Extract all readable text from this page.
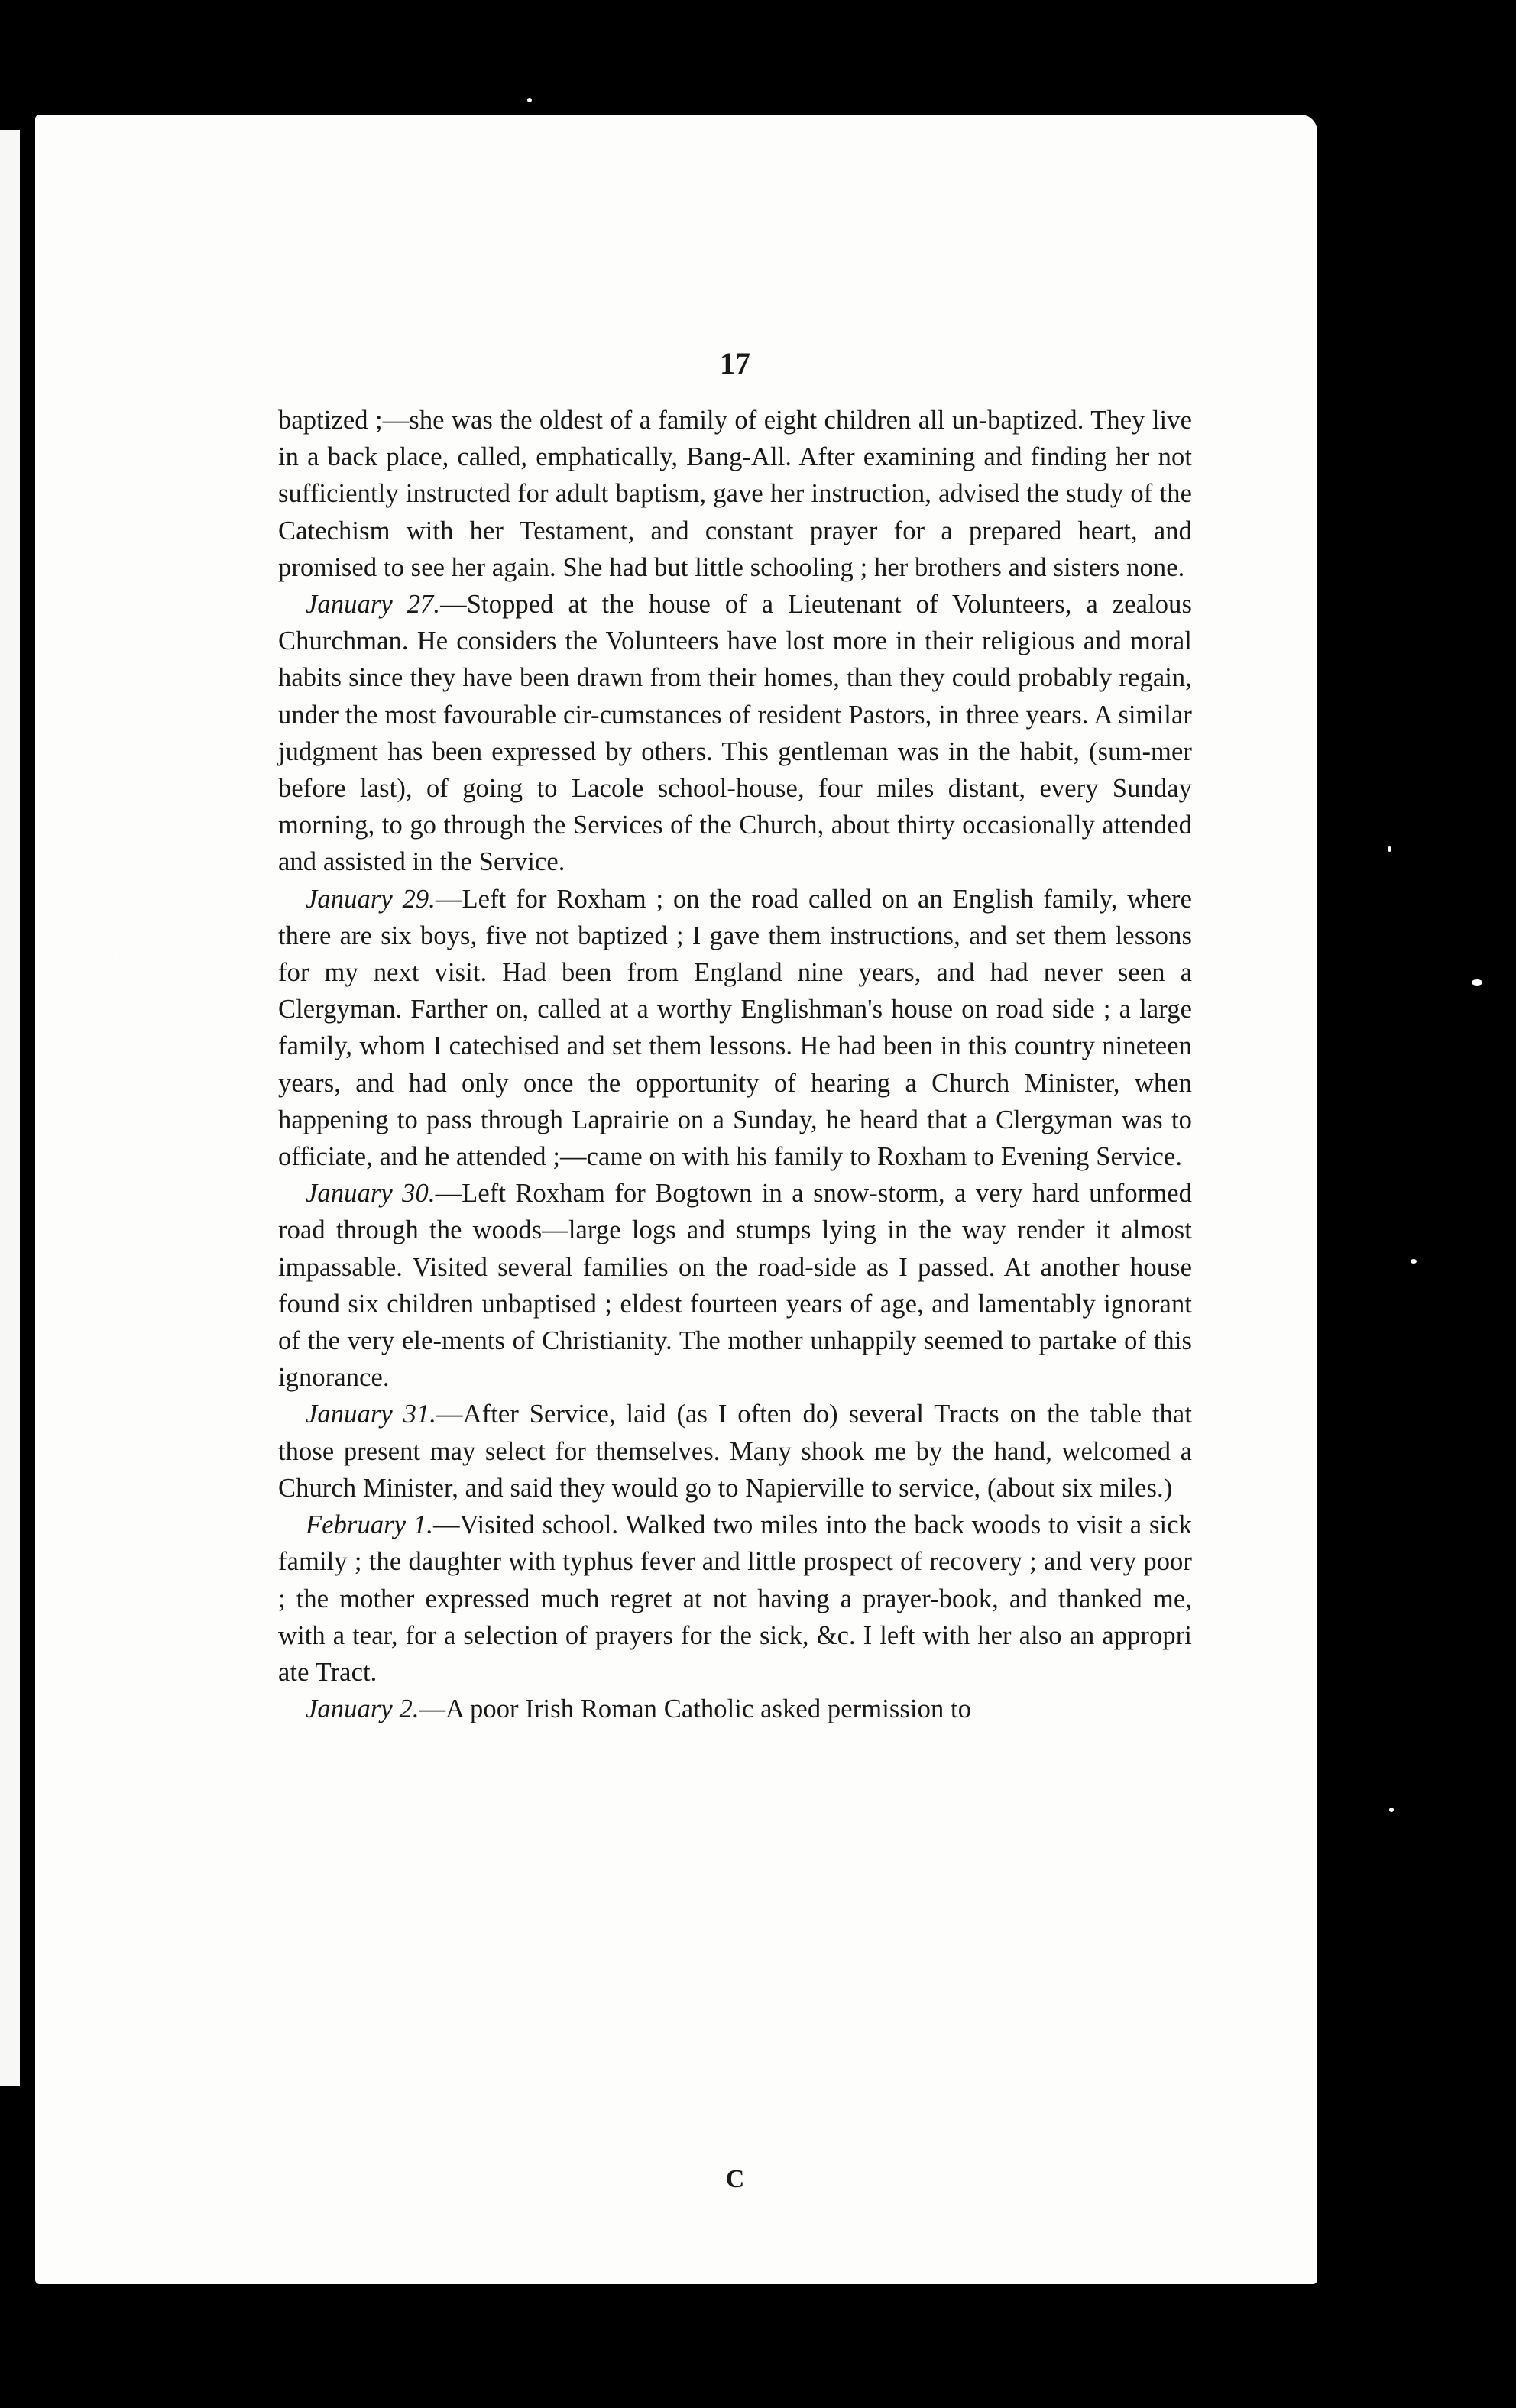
17

baptized ;—she was the oldest of a family of eight children all un-baptized. They live in a back place, called, emphatically, Bang-All. After examining and finding her not sufficiently instructed for adult baptism, gave her instruction, advised the study of the Catechism with her Testament, and constant prayer for a prepared heart, and promised to see her again. She had but little schooling ; her brothers and sisters none.

January 27.—Stopped at the house of a Lieutenant of Volunteers, a zealous Churchman. He considers the Volunteers have lost more in their religious and moral habits since they have been drawn from their homes, than they could probably regain, under the most favourable cir-cumstances of resident Pastors, in three years. A similar judgment has been expressed by others. This gentleman was in the habit, (sum-mer before last), of going to Lacole school-house, four miles distant, every Sunday morning, to go through the Services of the Church, about thirty occasionally attended and assisted in the Service.

January 29.—Left for Roxham ; on the road called on an English family, where there are six boys, five not baptized ; I gave them instructions, and set them lessons for my next visit. Had been from England nine years, and had never seen a Clergyman. Farther on, called at a worthy Englishman's house on road side ; a large family, whom I catechised and set them lessons. He had been in this country nineteen years, and had only once the opportunity of hearing a Church Minister, when happening to pass through Laprairie on a Sunday, he heard that a Clergyman was to officiate, and he attended ;—came on with his family to Roxham to Evening Service.

January 30.—Left Roxham for Bogtown in a snow-storm, a very hard unformed road through the woods—large logs and stumps lying in the way render it almost impassable. Visited several families on the road-side as I passed. At another house found six children unbaptised ; eldest fourteen years of age, and lamentably ignorant of the very ele-ments of Christianity. The mother unhappily seemed to partake of this ignorance.

January 31.—After Service, laid (as I often do) several Tracts on the table that those present may select for themselves. Many shook me by the hand, welcomed a Church Minister, and said they would go to Napierville to service, (about six miles.)

February 1.—Visited school. Walked two miles into the back woods to visit a sick family ; the daughter with typhus fever and little prospect of recovery ; and very poor ; the mother expressed much regret at not having a prayer-book, and thanked me, with a tear, for a selection of prayers for the sick, &c. I left with her also an appropri ate Tract.

January 2.—A poor Irish Roman Catholic asked permission to

C
